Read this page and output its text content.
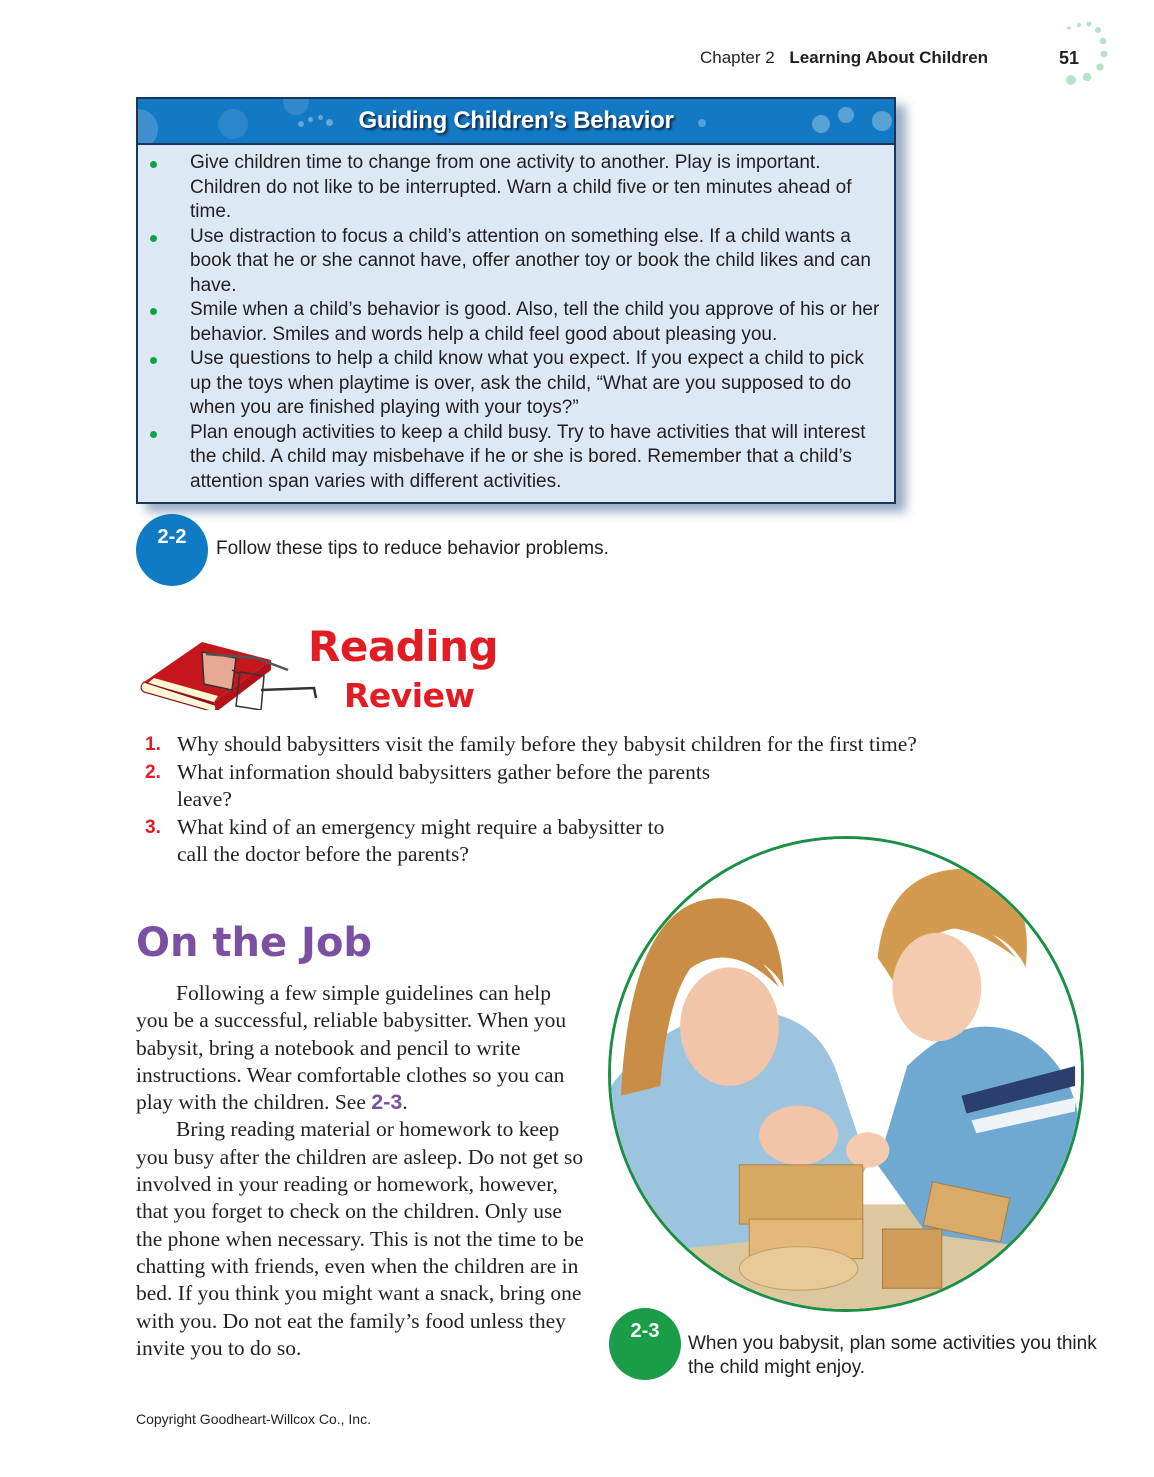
Chapter 2 Learning About Children	51
Guiding Children’s Behavior
Give children time to change from one activity to another. Play is important. Children do not like to be interrupted. Warn a child five or ten minutes ahead of time.
Use distraction to focus a child’s attention on something else. If a child wants a book that he or she cannot have, offer another toy or book the child likes and can have.
Smile when a child’s behavior is good. Also, tell the child you approve of his or her behavior. Smiles and words help a child feel good about pleasing you.
Use questions to help a child know what you expect. If you expect a child to pick up the toys when playtime is over, ask the child, “What are you supposed to do when you are finished playing with your toys?”
Plan enough activities to keep a child busy. Try to have activities that will interest the child. A child may misbehave if he or she is bored. Remember that a child’s attention span varies with different activities.
2-2
Follow these tips to reduce behavior problems.
Reading
Review
1. Why should babysitters visit the family before they babysit children for the first time?
2. What information should babysitters gather before the parents leave?
3. What kind of an emergency might require a babysitter to call the doctor before the parents?
On the Job

Following a few simple guidelines can help you be a successful, reliable babysitter. When you babysit, bring a notebook and pencil to write instructions. Wear comfortable clothes so you can play with the children. See 2-3.

Bring reading material or homework to keep you busy after the children are asleep. Do not get so involved in your reading or homework, however, that you forget to check on the children. Only use the phone when necessary. This is not the time to be chatting with friends, even when the children are in bed. If you think you might want a snack, bring one with you. Do not eat the family’s food unless they invite you to do so.

2-3
When you babysit, plan some activities you think the child might enjoy.
Copyright Goodheart-Willcox Co., Inc.
